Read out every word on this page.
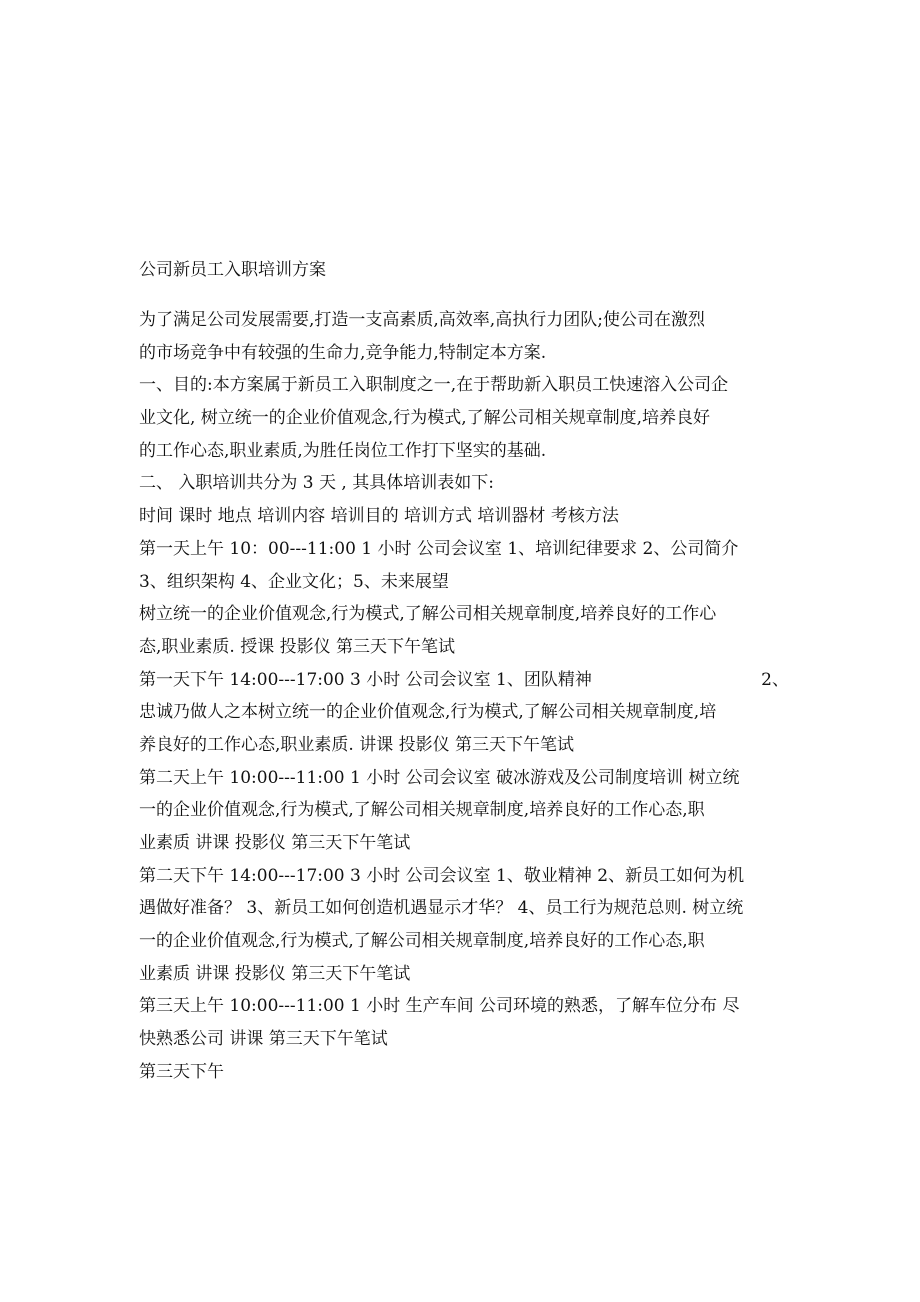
公司新员工入职培训方案
为了满足公司发展需要,打造一支高素质,高效率,高执行力团队;使公司在激烈
的市场竞争中有较强的生命力,竞争能力,特制定本方案.
一、目的:本方案属于新员工入职制度之一,在于帮助新入职员工快速溶入公司企
业文化, 树立统一的企业价值观念,行为模式,了解公司相关规章制度,培养良好
的工作心态,职业素质,为胜任岗位工作打下坚实的基础.
二、 入职培训共分为 3 天 , 其具体培训表如下:
时间 课时 地点 培训内容 培训目的 培训方式 培训器材 考核方法
第一天上午 10：00---11:00 1 小时 公司会议室 1、培训纪律要求 2、公司简介
3、组织架构 4、企业文化；5、未来展望
树立统一的企业价值观念,行为模式,了解公司相关规章制度,培养良好的工作心
态,职业素质. 授课 投影仪 第三天下午笔试
第一天下午 14:00---17:00 3 小时 公司会议室 1、团队精神	2、
忠诚乃做人之本树立统一的企业价值观念,行为模式,了解公司相关规章制度,培
养良好的工作心态,职业素质. 讲课 投影仪 第三天下午笔试
第二天上午 10:00---11:00 1 小时 公司会议室 破冰游戏及公司制度培训 树立统
一的企业价值观念,行为模式,了解公司相关规章制度,培养良好的工作心态,职
业素质 讲课 投影仪 第三天下午笔试
第二天下午 14:00---17:00 3 小时 公司会议室 1、敬业精神 2、新员工如何为机
遇做好准备？ 3、新员工如何创造机遇显示才华？ 4、员工行为规范总则. 树立统
一的企业价值观念,行为模式,了解公司相关规章制度,培养良好的工作心态,职
业素质 讲课 投影仪 第三天下午笔试
第三天上午 10:00---11:00 1 小时 生产车间 公司环境的熟悉，了解车位分布 尽
快熟悉公司 讲课 第三天下午笔试
第三天下午
